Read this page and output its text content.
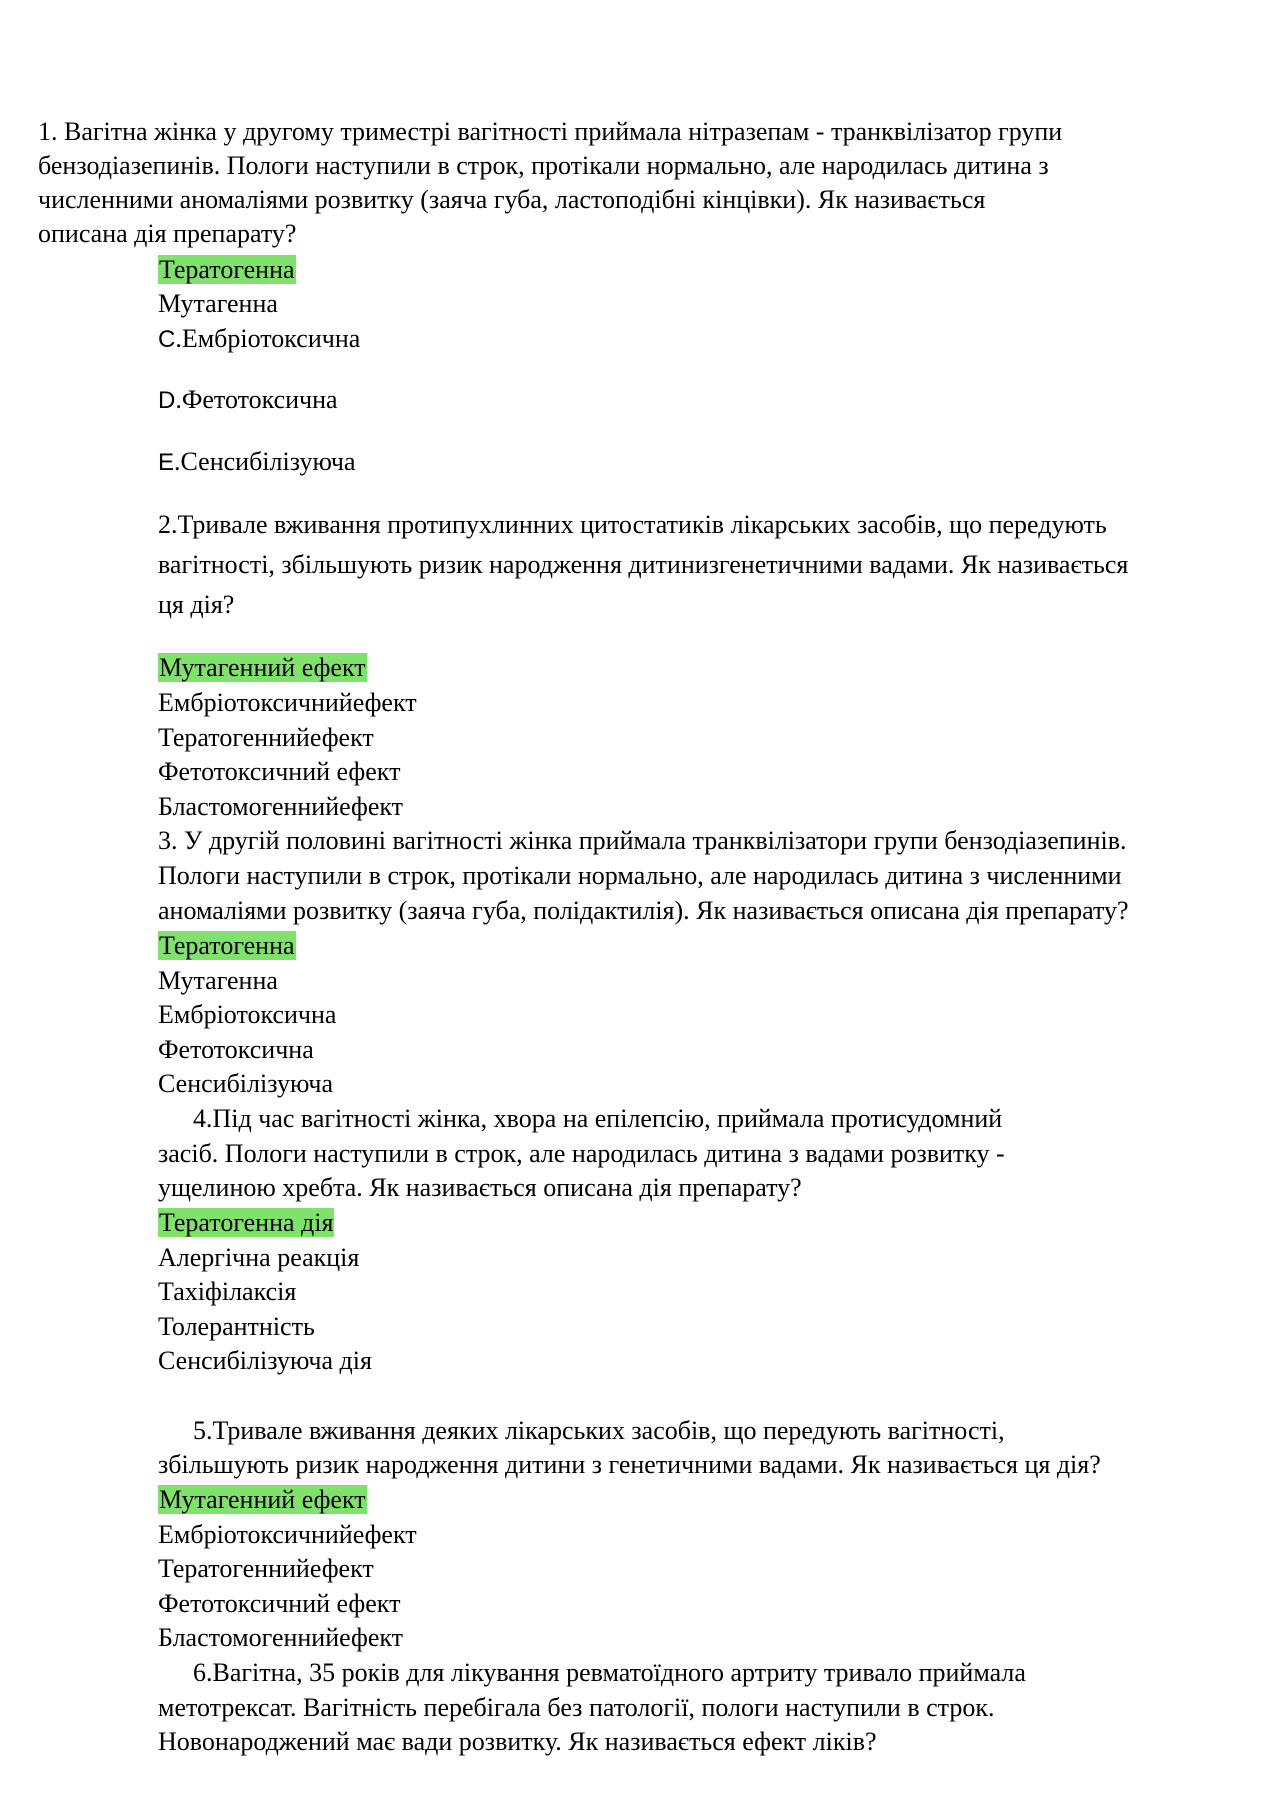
1. Вагітна жінка у другому триместрі вагітності приймала нітразепам - транквілізатор групи
бензодіазепинів. Пологи наступили в строк, протікали нормально, але народилась дитина з
численними аномаліями розвитку (заяча губа, ластоподібні кінцівки). Як називається
описана дія препарату?
Тератогенна
Мутагенна
С.Ембріотоксична
D.Фетотоксична
E.Сенсибілізуюча
2.Тривале вживання протипухлинних цитостатиків лікарських засобів, що передують
вагітності, збільшують ризик народження дитинизгенетичними вадами. Як називається
ця дія?
Мутагенний ефект
Ембріотоксичнийефект
Тератогеннийефект
Фетотоксичний ефект
Бластомогеннийефект
3. У другій половині вагітності жінка приймала транквілізатори групи бензодіазепинів.
Пологи наступили в строк, протікали нормально, але народилась дитина з численними
аномаліями розвитку (заяча губа, полідактилія). Як називається описана дія препарату?
Тератогенна
Мутагенна
Ембріотоксична
Фетотоксична
Сенсибілізуюча
4.Під час вагітності жінка, хвора на епілепсію, приймала протисудомний
засіб. Пологи наступили в строк, але народилась дитина з вадами розвитку -
ущелиною хребта. Як називається описана дія препарату?
Тератогенна дія
Алергічна реакція
Тахіфілаксія
Толерантність
Сенсибілізуюча дія
5.Тривале вживання деяких лікарських засобів, що передують вагітності,
збільшують ризик народження дитини з генетичними вадами. Як називається ця дія?
Мутагенний ефект
Ембріотоксичнийефект
Тератогеннийефект
Фетотоксичний ефект
Бластомогеннийефект
6.Вагітна, 35 років для лікування ревматоїдного артриту тривало приймала
метотрексат. Вагітність перебігала без патології, пологи наступили в строк.
Новонароджений має вади розвитку. Як називається ефект ліків?
